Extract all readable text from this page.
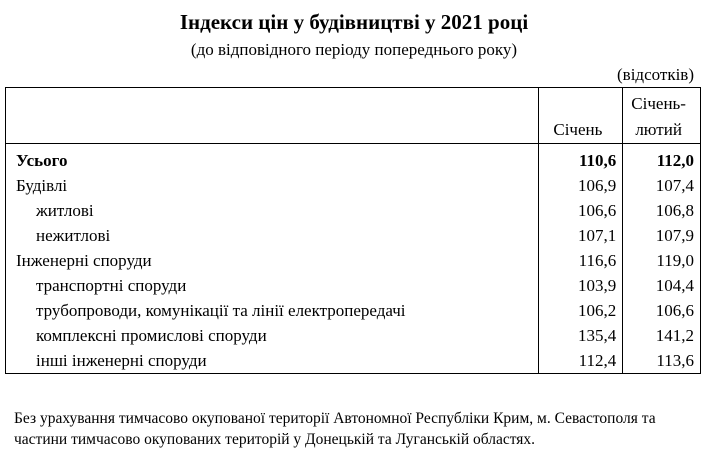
Індекси цін у будівництві у 2021 році
(до відповідного періоду попереднього року)
(відсотків)
	Січень	Січень-
лютий

Усього	110,6	112,0
Будівлі	106,9	107,4
житлові	106,6	106,8
нежитлові	107,1	107,9
Інженерні споруди	116,6	119,0
транспортні споруди	103,9	104,4
трубопроводи, комунікації та лінії електропередачі	106,2	106,6
комплексні промислові споруди	135,4	141,2
інші інженерні споруди	112,4	113,6
Без урахування тимчасово окупованої території Автономної Республіки Крим, м. Севастополя та частини тимчасово окупованих територій у Донецькій та Луганській областях.
